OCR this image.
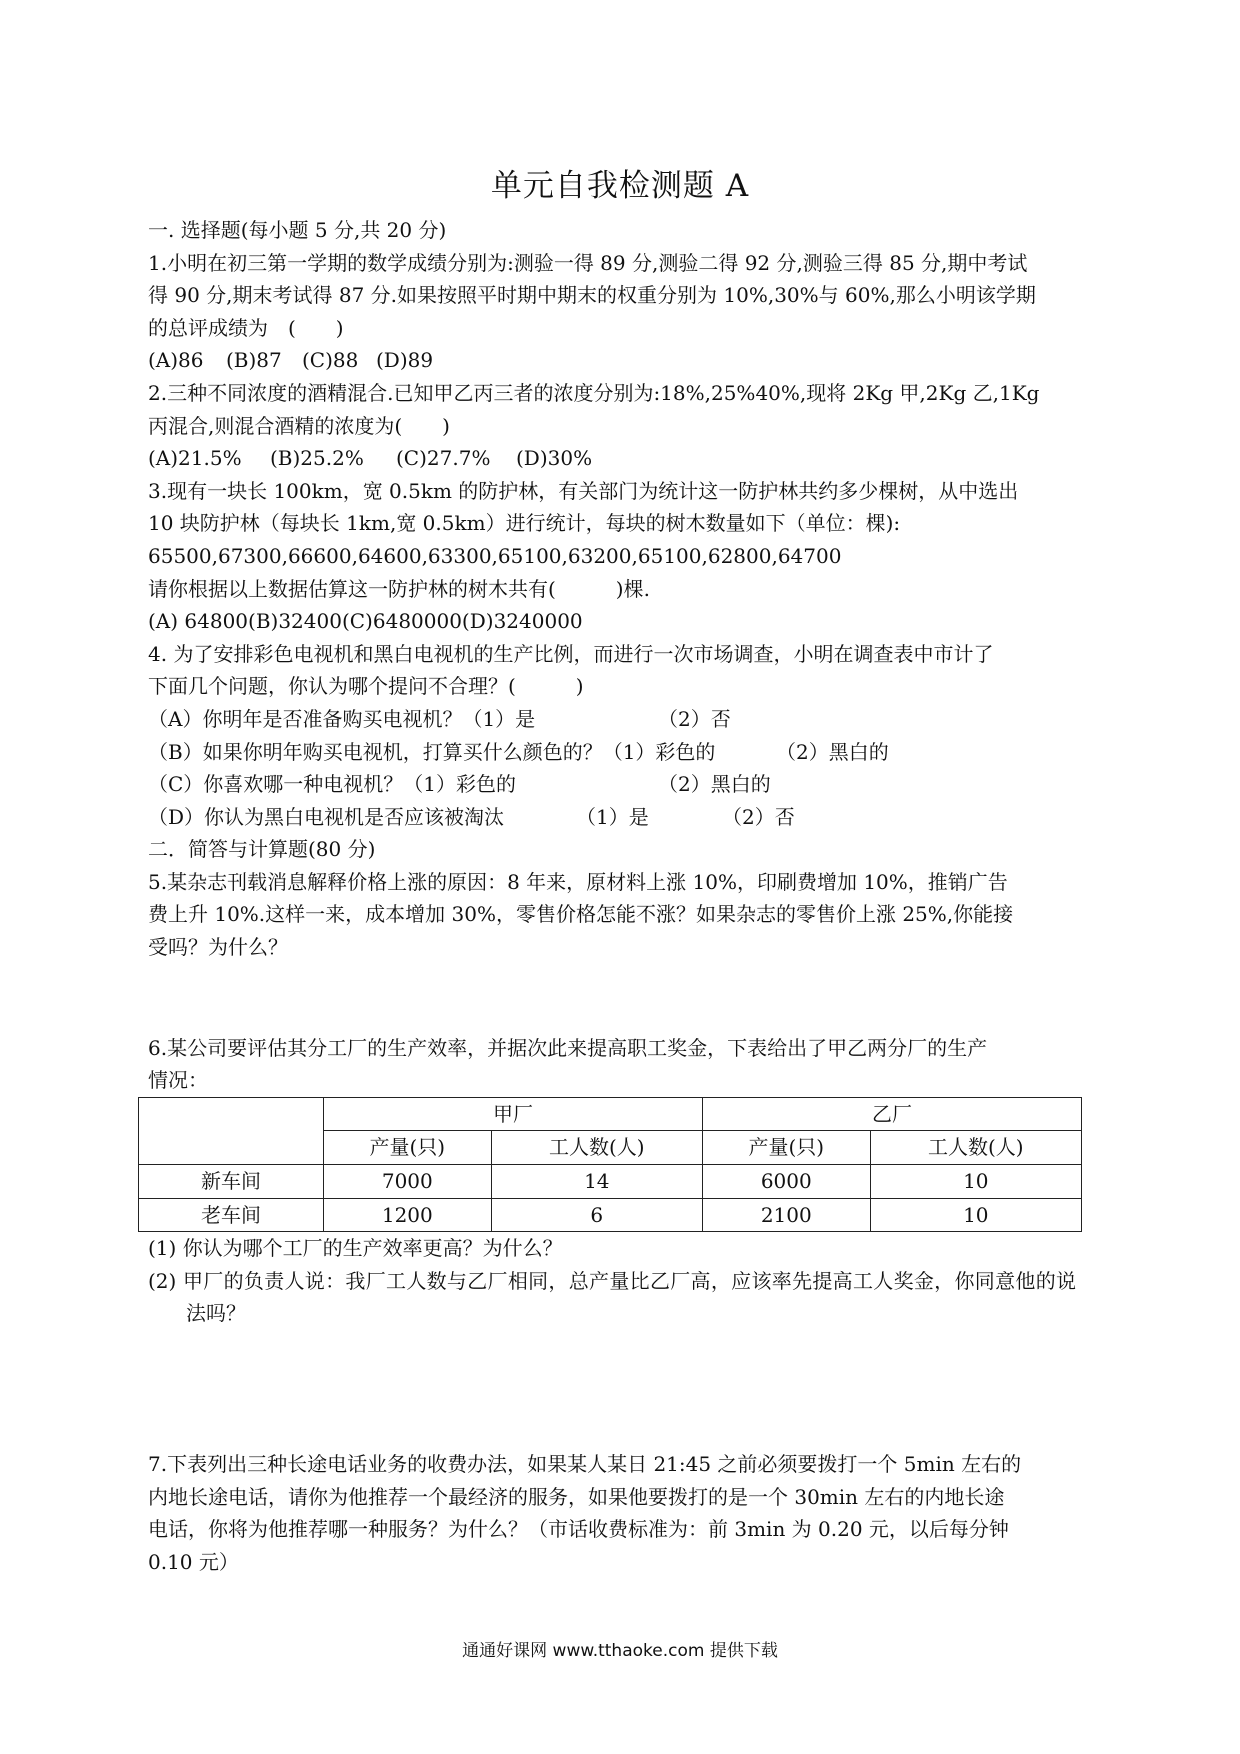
单元自我检测题 A
一. 选择题(每小题 5 分,共 20 分)
1.小明在初三第一学期的数学成绩分别为:测验一得 89 分,测验二得 92 分,测验三得 85 分,期中考试
得 90 分,期末考试得 87 分.如果按照平时期中期末的权重分别为 10%,30%与 60%,那么小明该学期
的总评成绩为　(　　)
(A)86 (B)87 (C)88 (D)89
2.三种不同浓度的酒精混合.已知甲乙丙三者的浓度分别为:18%,25%40%,现将 2Kg 甲,2Kg 乙,1Kg
丙混合,则混合酒精的浓度为(　　)
(A)21.5% (B)25.2% (C)27.7% (D)30%
3.现有一块长 100km，宽 0.5km 的防护林，有关部门为统计这一防护林共约多少棵树，从中选出
10 块防护林（每块长 1km,宽 0.5km）进行统计，每块的树木数量如下（单位：棵):
65500,67300,66600,64600,63300,65100,63200,65100,62800,64700
请你根据以上数据估算这一防护林的树木共有(　　　)棵.
(A) 64800(B)32400(C)6480000(D)3240000
4. 为了安排彩色电视机和黑白电视机的生产比例，而进行一次市场调查，小明在调查表中市计了
下面几个问题，你认为哪个提问不合理？(　　　)
（A）你明年是否准备购买电视机？（1）是	（2）否
（B）如果你明年购买电视机，打算买什么颜色的？（1）彩色的	（2）黑白的
（C）你喜欢哪一种电视机？（1）彩色的	（2）黑白的
（D）你认为黑白电视机是否应该被淘汰	（1）是	（2）否
二．简答与计算题(80 分)
5.某杂志刊载消息解释价格上涨的原因：8 年来，原材料上涨 10%，印刷费增加 10%，推销广告
费上升 10%.这样一来，成本增加 30%，零售价格怎能不涨？如果杂志的零售价上涨 25%,你能接
受吗？为什么？
6.某公司要评估其分工厂的生产效率，并据次此来提高职工奖金，下表给出了甲乙两分厂的生产
情况：
	甲厂		乙厂	
	产量(只)	工人数(人)	产量(只)	工人数(人)
新车间	7000	14	6000	10
老车间	1200	6	2100	10
(1) 你认为哪个工厂的生产效率更高？为什么？
(2) 甲厂的负责人说：我厂工人数与乙厂相同，总产量比乙厂高，应该率先提高工人奖金，你同意他的说法吗？
7.下表列出三种长途电话业务的收费办法，如果某人某日 21:45 之前必须要拨打一个 5min 左右的
内地长途电话，请你为他推荐一个最经济的服务，如果他要拨打的是一个 30min 左右的内地长途
电话，你将为他推荐哪一种服务？为什么？（市话收费标准为：前 3min 为 0.20 元，以后每分钟
0.10 元）
通通好课网 www.tthaoke.com 提供下载
